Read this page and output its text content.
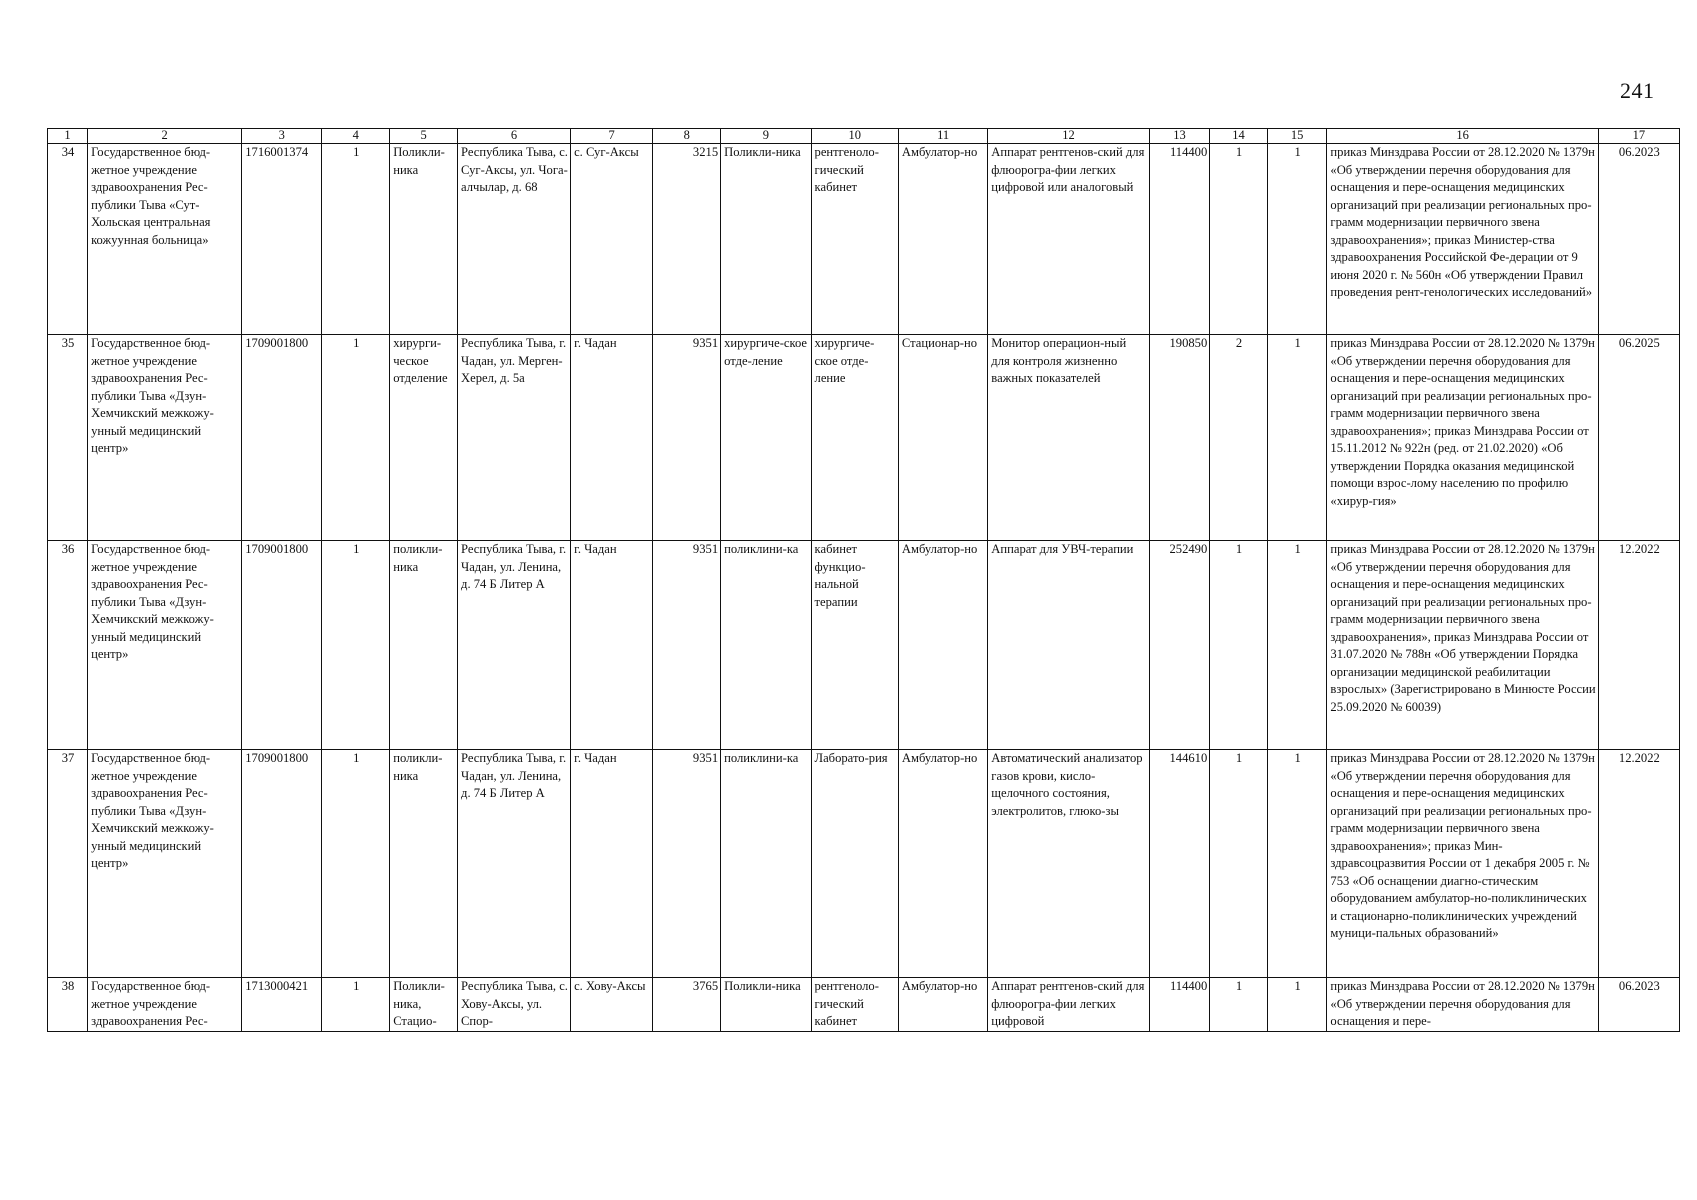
241
1	2	3	4	5	6	7	8	9	10	11	12	13	14	15	16	17
34	Государственное бюд-жетное учреждение здравоохранения Рес-публики Тыва «Сут-Хольская центральная кожуунная больница»	1716001374	1	Поликли-ника	Республика Тыва, с. Суг-Аксы, ул. Чога-алчылар, д. 68	с. Суг-Аксы	3215	Поликли-ника	рентгеноло-гический кабинет	Амбулатор-но	Аппарат рентгенов-ский для флюорогра-фии легких цифровой или аналоговый	114400	1	1	приказ Минздрава России от 28.12.2020 № 1379н «Об утверждении перечня оборудования для оснащения и пере-оснащения медицинских организаций при реализации региональных про-грамм модернизации первичного звена здравоохранения»; приказ Министер-ства здравоохранения Российской Фе-дерации от 9 июня 2020 г. № 560н «Об утверждении Правил проведения рент-генологических исследований»	06.2023
35	Государственное бюд-жетное учреждение здравоохранения Рес-публики Тыва «Дзун-Хемчикский межкожу-унный медицинский центр»	1709001800	1	хирурги-ческое отделение	Республика Тыва, г. Чадан, ул. Мерген-Херел, д. 5а	г. Чадан	9351	хирургиче-ское отде-ление	хирургиче-ское отде-ление	Стационар-но	Монитор операцион-ный для контроля жизненно важных показателей	190850	2	1	приказ Минздрава России от 28.12.2020 № 1379н «Об утверждении перечня оборудования для оснащения и пере-оснащения медицинских организаций при реализации региональных про-грамм модернизации первичного звена здравоохранения»; приказ Минздрава России от 15.11.2012 № 922н (ред. от 21.02.2020) «Об утверждении Порядка оказания медицинской помощи взрос-лому населению по профилю «хирур-гия»	06.2025
36	Государственное бюд-жетное учреждение здравоохранения Рес-публики Тыва «Дзун-Хемчикский межкожу-унный медицинский центр»	1709001800	1	поликли-ника	Республика Тыва, г. Чадан, ул. Ленина, д. 74 Б Литер А	г. Чадан	9351	поликлини-ка	кабинет функцио-нальной терапии	Амбулатор-но	Аппарат для УВЧ-терапии	252490	1	1	приказ Минздрава России от 28.12.2020 № 1379н «Об утверждении перечня оборудования для оснащения и пере-оснащения медицинских организаций при реализации региональных про-грамм модернизации первичного звена здравоохранения», приказ Минздрава России от 31.07.2020 № 788н «Об утверждении Порядка организации медицинской реабилитации взрослых» (Зарегистрировано в Минюсте России 25.09.2020 № 60039)	12.2022
37	Государственное бюд-жетное учреждение здравоохранения Рес-публики Тыва «Дзун-Хемчикский межкожу-унный медицинский центр»	1709001800	1	поликли-ника	Республика Тыва, г. Чадан, ул. Ленина, д. 74 Б Литер А	г. Чадан	9351	поликлини-ка	Лаборато-рия	Амбулатор-но	Автоматический анализатор газов крови, кисло-щелочного состояния, электролитов, глюко-зы	144610	1	1	приказ Минздрава России от 28.12.2020 № 1379н «Об утверждении перечня оборудования для оснащения и пере-оснащения медицинских организаций при реализации региональных про-грамм модернизации первичного звена здравоохранения»; приказ Мин-здравсоцразвития России от 1 декабря 2005 г. № 753 «Об оснащении диагно-стическим оборудованием амбулатор-но-поликлинических и стационарно-поликлинических учреждений муници-пальных образований»	12.2022
38	Государственное бюд-жетное учреждение здравоохранения Рес-	1713000421	1	Поликли-ника, Стацио-	Республика Тыва, с. Хову-Аксы, ул. Спор-	с. Хову-Аксы	3765	Поликли-ника	рентгеноло-гический кабинет	Амбулатор-но	Аппарат рентгенов-ский для флюорогра-фии легких цифровой	114400	1	1	приказ Минздрава России от 28.12.2020 № 1379н «Об утверждении перечня оборудования для оснащения и пере-	06.2023
